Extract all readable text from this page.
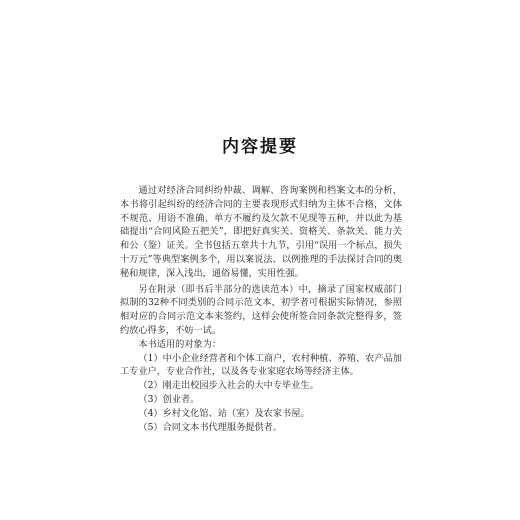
内容提要

通过对经济合同纠纷仲裁、调解、咨询案例和档案文本的分析，本书将引起纠纷的经济合同的主要表现形式归纳为主体不合格，文体不规范、用语不准确、单方不履约及欠款不见现等五种，并以此为基础提出“合同风险五把关”，即把好真实关、资格关、条款关、能力关和公（鉴）证关。全书包括五章共十九节，引用“误用一个标点，损失十万元”等典型案例多个，用以案说法、以例推理的手法探讨合同的奥秘和规律，深入浅出，通俗易懂，实用性强。

另在附录（即书后半部分的选读范本）中，摘录了国家权威部门拟制的32种不同类别的合同示范文本，初学者可根据实际情况，参照相对应的合同示范文本来签约，这样会使所签合同条款完整得多，签约放心得多，不妨一试。

本书适用的对象为：

（1）中小企业经营者和个体工商户，农村种植、养殖、农产品加工专业户，专业合作社，以及各专业家庭农场等经济主体。
（2）刚走出校园步入社会的大中专毕业生。
（3）创业者。
（4）乡村文化馆、站（室）及农家书屋。
（5）合同文本书代理服务提供者。
